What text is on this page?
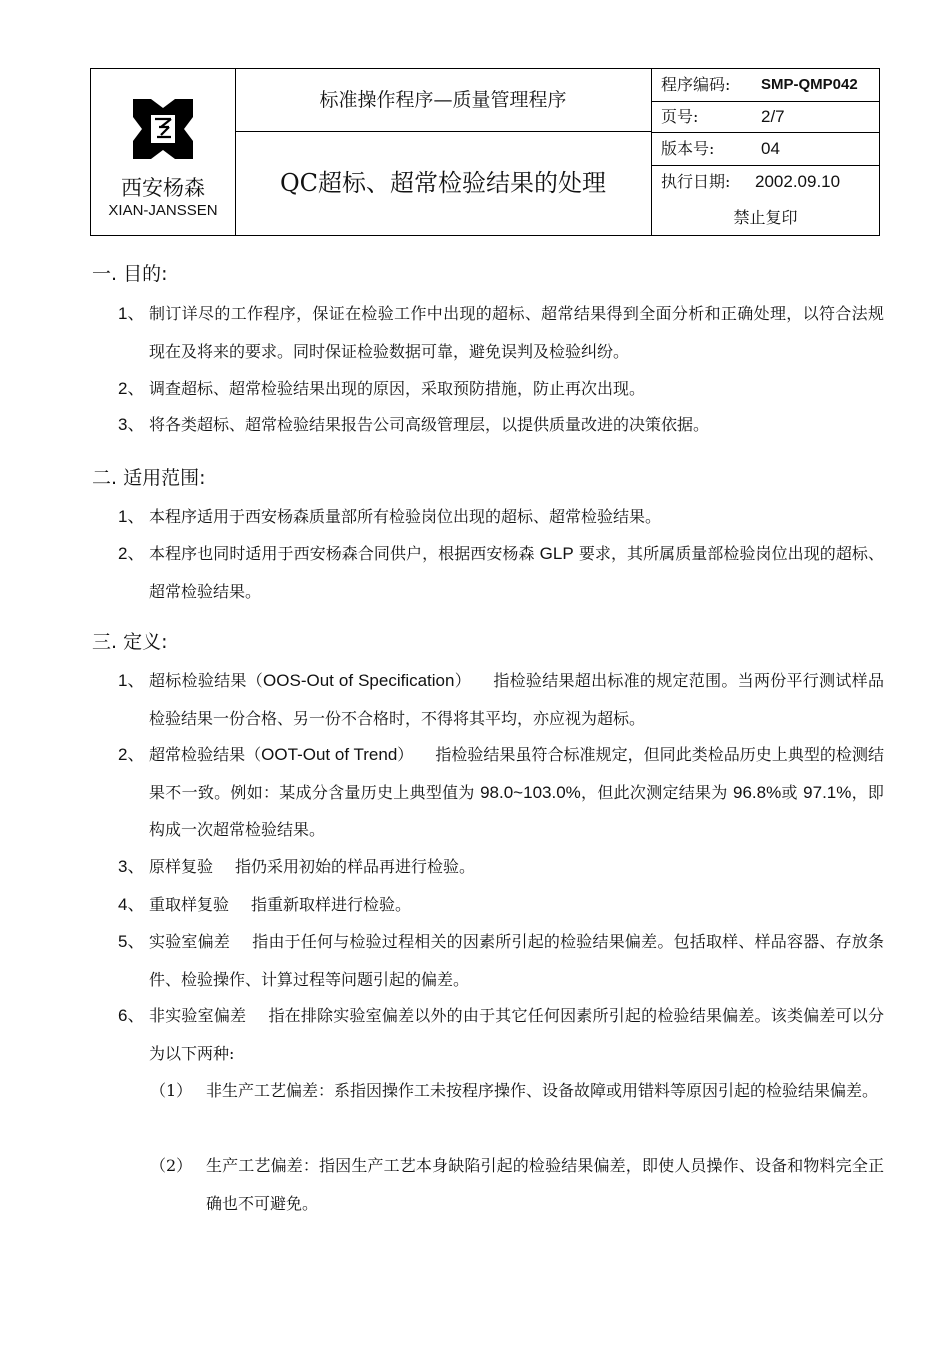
西安杨森
XIAN-JANSSEN
标准操作程序—质量管理程序
QC超标、超常检验结果的处理
程序编码: SMP-QMP042
页号:	2/7
版本号:	04
执行日期: 2002.09.10
禁止复印
一. 目的:
1、 制订详尽的工作程序，保证在检验工作中出现的超标、超常结果得到全面分析和正确处理，以符合法规现在及将来的要求。同时保证检验数据可靠，避免误判及检验纠纷。
2、 调查超标、超常检验结果出现的原因，采取预防措施，防止再次出现。
3、 将各类超标、超常检验结果报告公司高级管理层，以提供质量改进的决策依据。
二. 适用范围:
1、 本程序适用于西安杨森质量部所有检验岗位出现的超标、超常检验结果。
2、 本程序也同时适用于西安杨森合同供户，根据西安杨森 GLP 要求，其所属质量部检验岗位出现的超标、超常检验结果。
三. 定义:
1、 超标检验结果（OOS-Out of Specification） 指检验结果超出标准的规定范围。当两份平行测试样品检验结果一份合格、另一份不合格时，不得将其平均，亦应视为超标。
2、 超常检验结果（OOT-Out of Trend） 指检验结果虽符合标准规定，但同此类检品历史上典型的检测结果不一致。例如：某成分含量历史上典型值为 98.0~103.0%，但此次测定结果为 96.8%或 97.1%，即构成一次超常检验结果。
3、 原样复验 指仍采用初始的样品再进行检验。
4、 重取样复验 指重新取样进行检验。
5、 实验室偏差 指由于任何与检验过程相关的因素所引起的检验结果偏差。包括取样、样品容器、存放条件、检验操作、计算过程等问题引起的偏差。
6、 非实验室偏差 指在排除实验室偏差以外的由于其它任何因素所引起的检验结果偏差。该类偏差可以分为以下两种:
（1） 非生产工艺偏差：系指因操作工未按程序操作、设备故障或用错料等原因引起的检验结果偏差。
（2） 生产工艺偏差：指因生产工艺本身缺陷引起的检验结果偏差，即使人员操作、设备和物料完全正确也不可避免。
